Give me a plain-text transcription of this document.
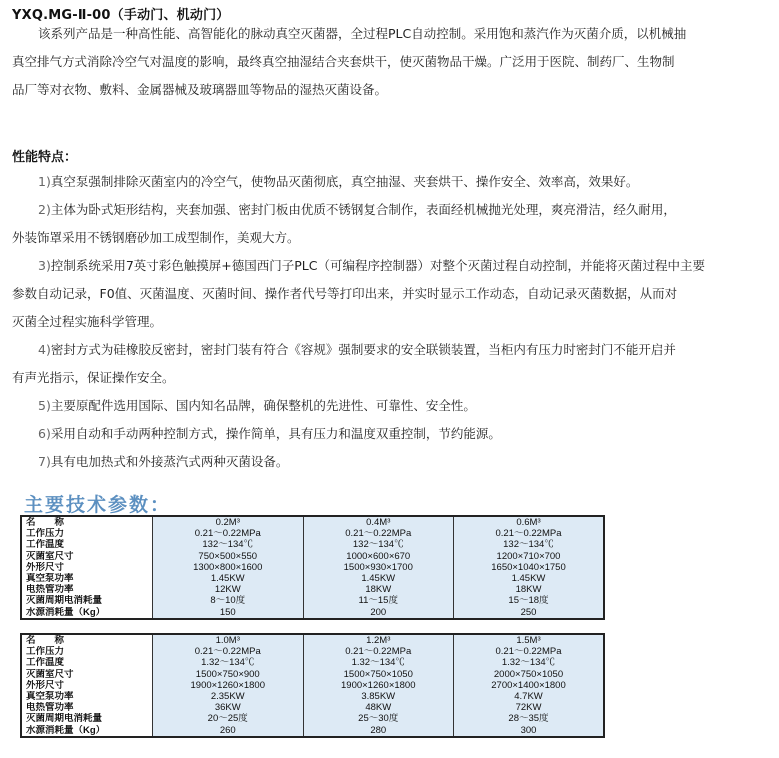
YXQ.MG-Ⅱ-00（手动门、机动门）
该系列产品是一种高性能、高智能化的脉动真空灭菌器，全过程PLC自动控制。采用饱和蒸汽作为灭菌介质，以机械抽
真空排气方式消除冷空气对温度的影响，最终真空抽湿结合夹套烘干，使灭菌物品干燥。广泛用于医院、制药厂、生物制
品厂等对衣物、敷料、金属器械及玻璃器皿等物品的湿热灭菌设备。
性能特点：
1)真空泵强制排除灭菌室内的冷空气，使物品灭菌彻底，真空抽湿、夹套烘干、操作安全、效率高，效果好。
2)主体为卧式矩形结构，夹套加强、密封门板由优质不锈钢复合制作，表面经机械抛光处理，爽亮滑洁，经久耐用，
外装饰罩采用不锈钢磨砂加工成型制作，美观大方。
3)控制系统采用7英寸彩色触摸屏+德国西门子PLC（可编程序控制器）对整个灭菌过程自动控制，并能将灭菌过程中主要
参数自动记录，F0值、灭菌温度、灭菌时间、操作者代号等打印出来，并实时显示工作动态，自动记录灭菌数据，从而对
灭菌全过程实施科学管理。
4)密封方式为硅橡胶反密封，密封门装有符合《容规》强制要求的安全联锁装置，当柜内有压力时密封门不能开启并
有声光指示，保证操作安全。
5)主要原配件选用国际、国内知名品牌，确保整机的先进性、可靠性、安全性。
6)采用自动和手动两种控制方式，操作简单，具有压力和温度双重控制，节约能源。
7)具有电加热式和外接蒸汽式两种灭菌设备。
主要技术参数：
名　　称	0.2M³	0.4M³	0.6M³
工作压力	0.21～0.22MPa	0.21～0.22MPa	0.21～0.22MPa
工作温度	132～134℃	132～134℃	132～134℃
灭菌室尺寸	750×500×550	1000×600×670	1200×710×700
外形尺寸	1300×800×1600	1500×930×1700	1650×1040×1750
真空泵功率	1.45KW	1.45KW	1.45KW
电热管功率	12KW	18KW	18KW
灭菌周期电消耗量	8～10度	11～15度	15～18度
水源消耗量（Kg）	150	200	250
名　　称	1.0M³	1.2M³	1.5M³
工作压力	0.21～0.22MPa	0.21～0.22MPa	0.21～0.22MPa
工作温度	1.32～134℃	1.32～134℃	1.32～134℃
灭菌室尺寸	1500×750×900	1500×750×1050	2000×750×1050
外形尺寸	1900×1260×1800	1900×1260×1800	2700×1400×1800
真空泵功率	2.35KW	3.85KW	4.7KW
电热管功率	36KW	48KW	72KW
灭菌周期电消耗量	20～25度	25～30度	28～35度
水源消耗量（Kg）	260	280	300
